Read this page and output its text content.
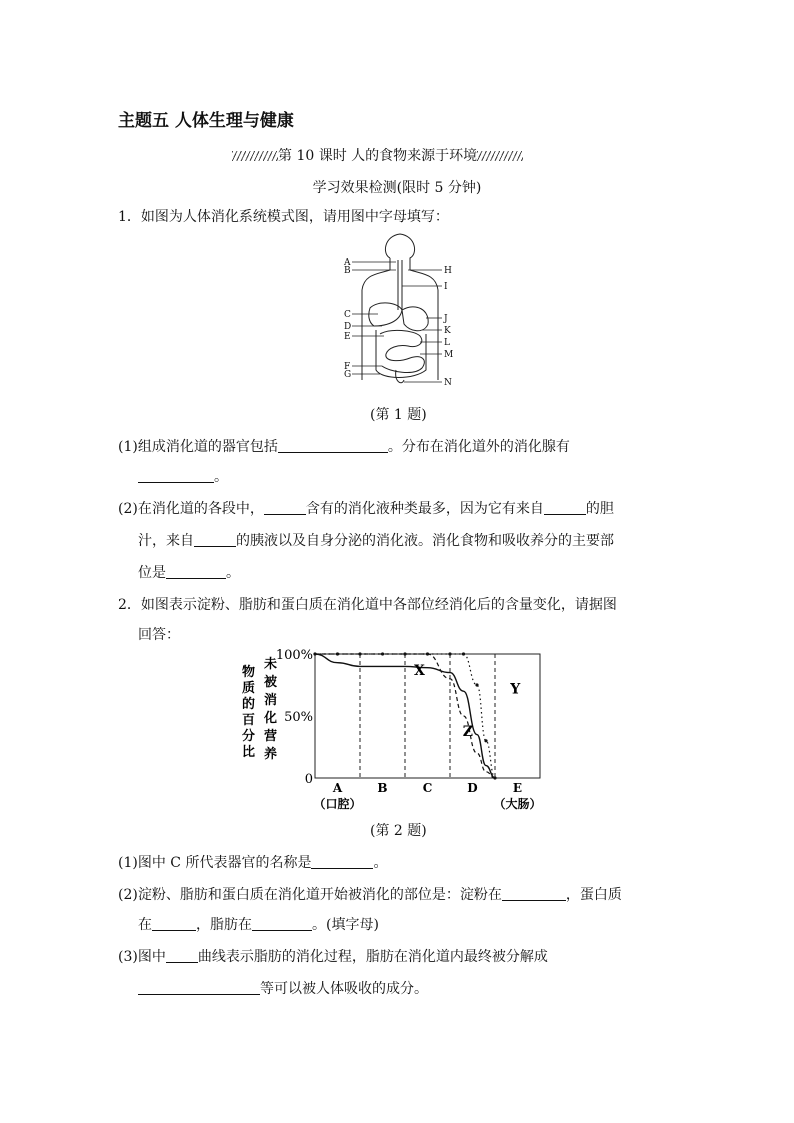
主题五 人体生理与健康
第 10 课时 人的食物来源于环境
学习效果检测(限时 5 分钟)
1．如图为人体消化系统模式图，请用图中字母填写：
A
B
C
D
E
F
G
H
I
J
K
L
M
N
(第 1 题)
(1)组成消化道的器官包括	。分布在消化道外的消化腺有
。
(2)在消化道的各段中，	含有的消化液种类最多，因为它有来自	的胆
汁，来自	的胰液以及自身分泌的消化液。消化食物和吸收养分的主要部
位是	。
2．如图表示淀粉、脂肪和蛋白质在消化道中各部位经消化后的含量变化，请据图
回答：
物
质
的
百
分
比
未
被
消
化
营
养
100%
50%
0
A
（口腔）
B	C	D	E
（大肠）
X
Y
Z
(第 2 题)
(1)图中 C 所代表器官的名称是	。
(2)淀粉、脂肪和蛋白质在消化道开始被消化的部位是：淀粉在	，蛋白质
在	，脂肪在	。(填字母)
(3)图中 曲线表示脂肪的消化过程，脂肪在消化道内最终被分解成
等可以被人体吸收的成分。
